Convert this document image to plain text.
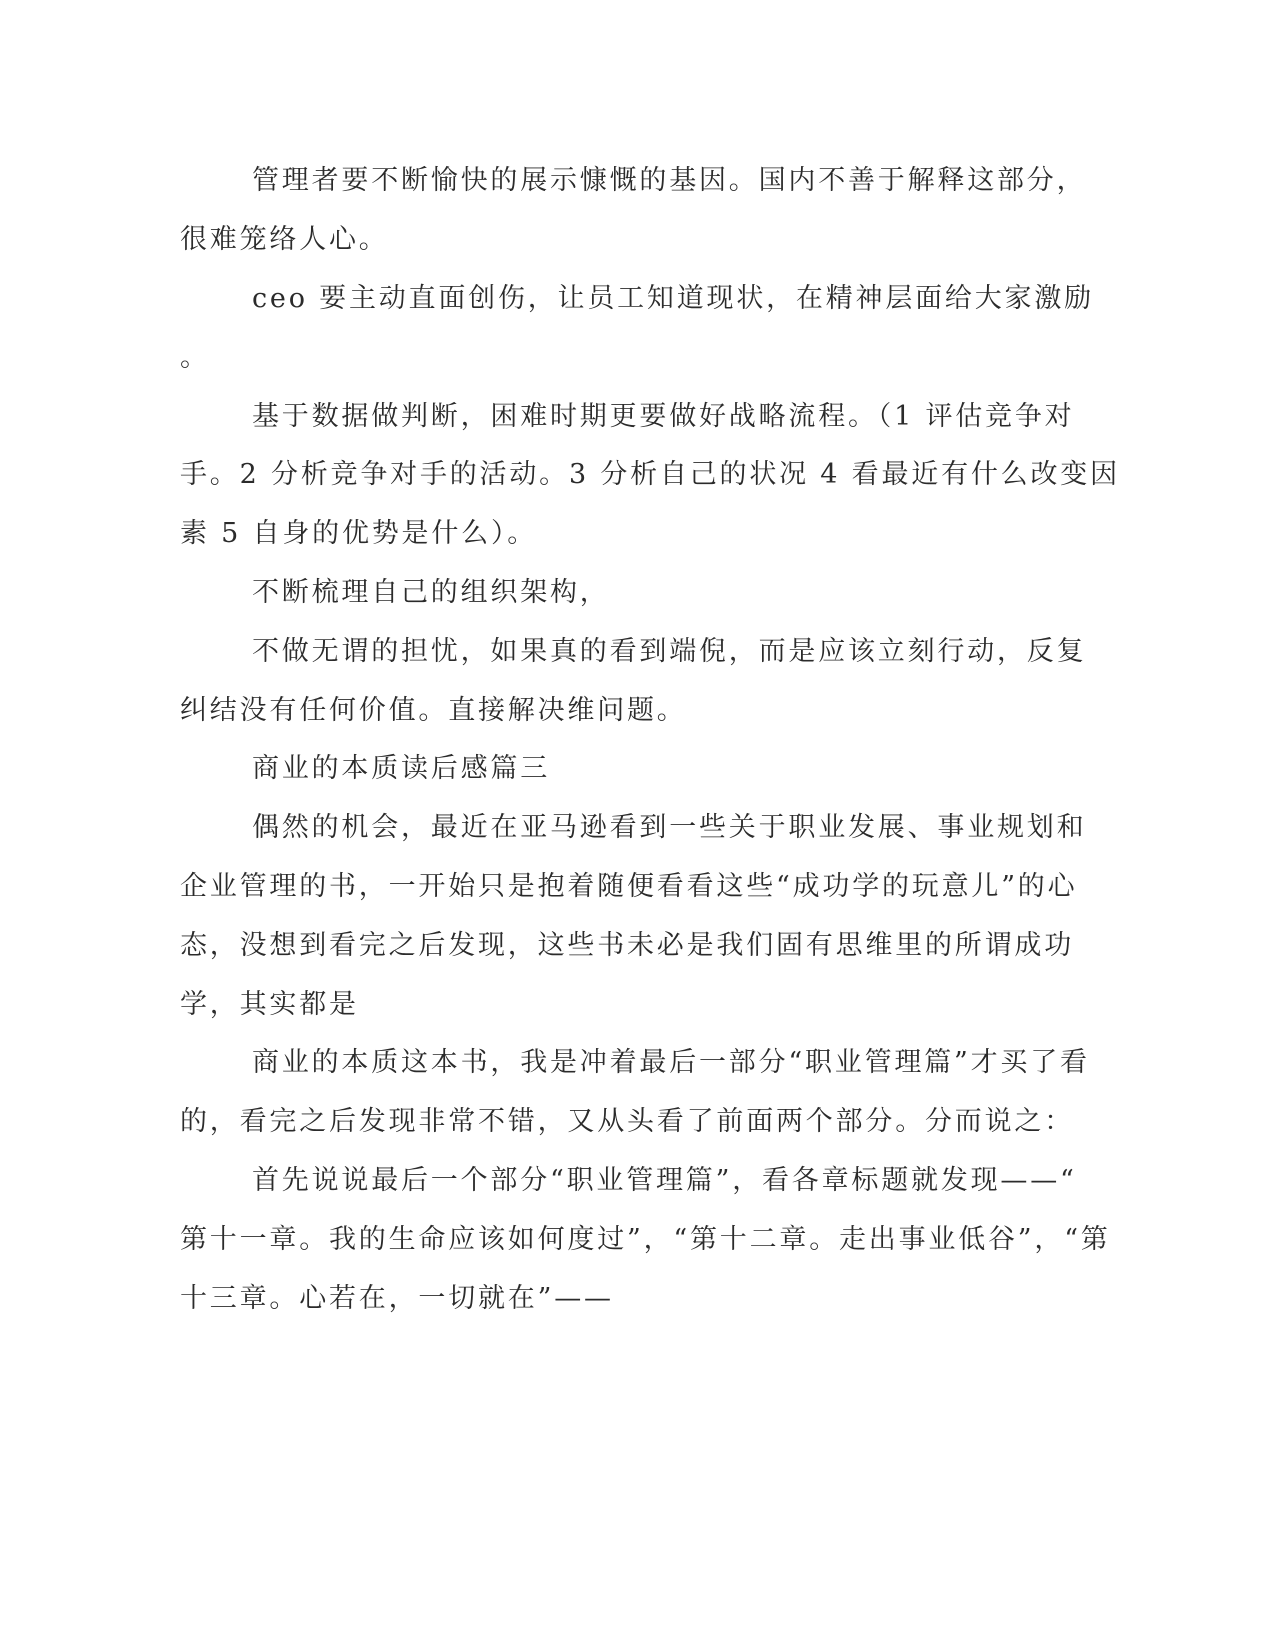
管理者要不断愉快的展示慷慨的基因。国内不善于解释这部分，
很难笼络人心。
ceo 要主动直面创伤，让员工知道现状，在精神层面给大家激励
。
基于数据做判断，困难时期更要做好战略流程。（1 评估竞争对
手。2 分析竞争对手的活动。3 分析自己的状况 4 看最近有什么改变因
素 5 自身的优势是什么）。
不断梳理自己的组织架构，
不做无谓的担忧，如果真的看到端倪，而是应该立刻行动，反复
纠结没有任何价值。直接解决维问题。
商业的本质读后感篇三
偶然的机会，最近在亚马逊看到一些关于职业发展、事业规划和
企业管理的书，一开始只是抱着随便看看这些“成功学的玩意儿”的心
态，没想到看完之后发现，这些书未必是我们固有思维里的所谓成功
学，其实都是
商业的本质这本书，我是冲着最后一部分“职业管理篇”才买了看
的，看完之后发现非常不错，又从头看了前面两个部分。分而说之：
首先说说最后一个部分“职业管理篇”，看各章标题就发现——“
第十一章。我的生命应该如何度过”，“第十二章。走出事业低谷”，“第
十三章。心若在，一切就在”——
